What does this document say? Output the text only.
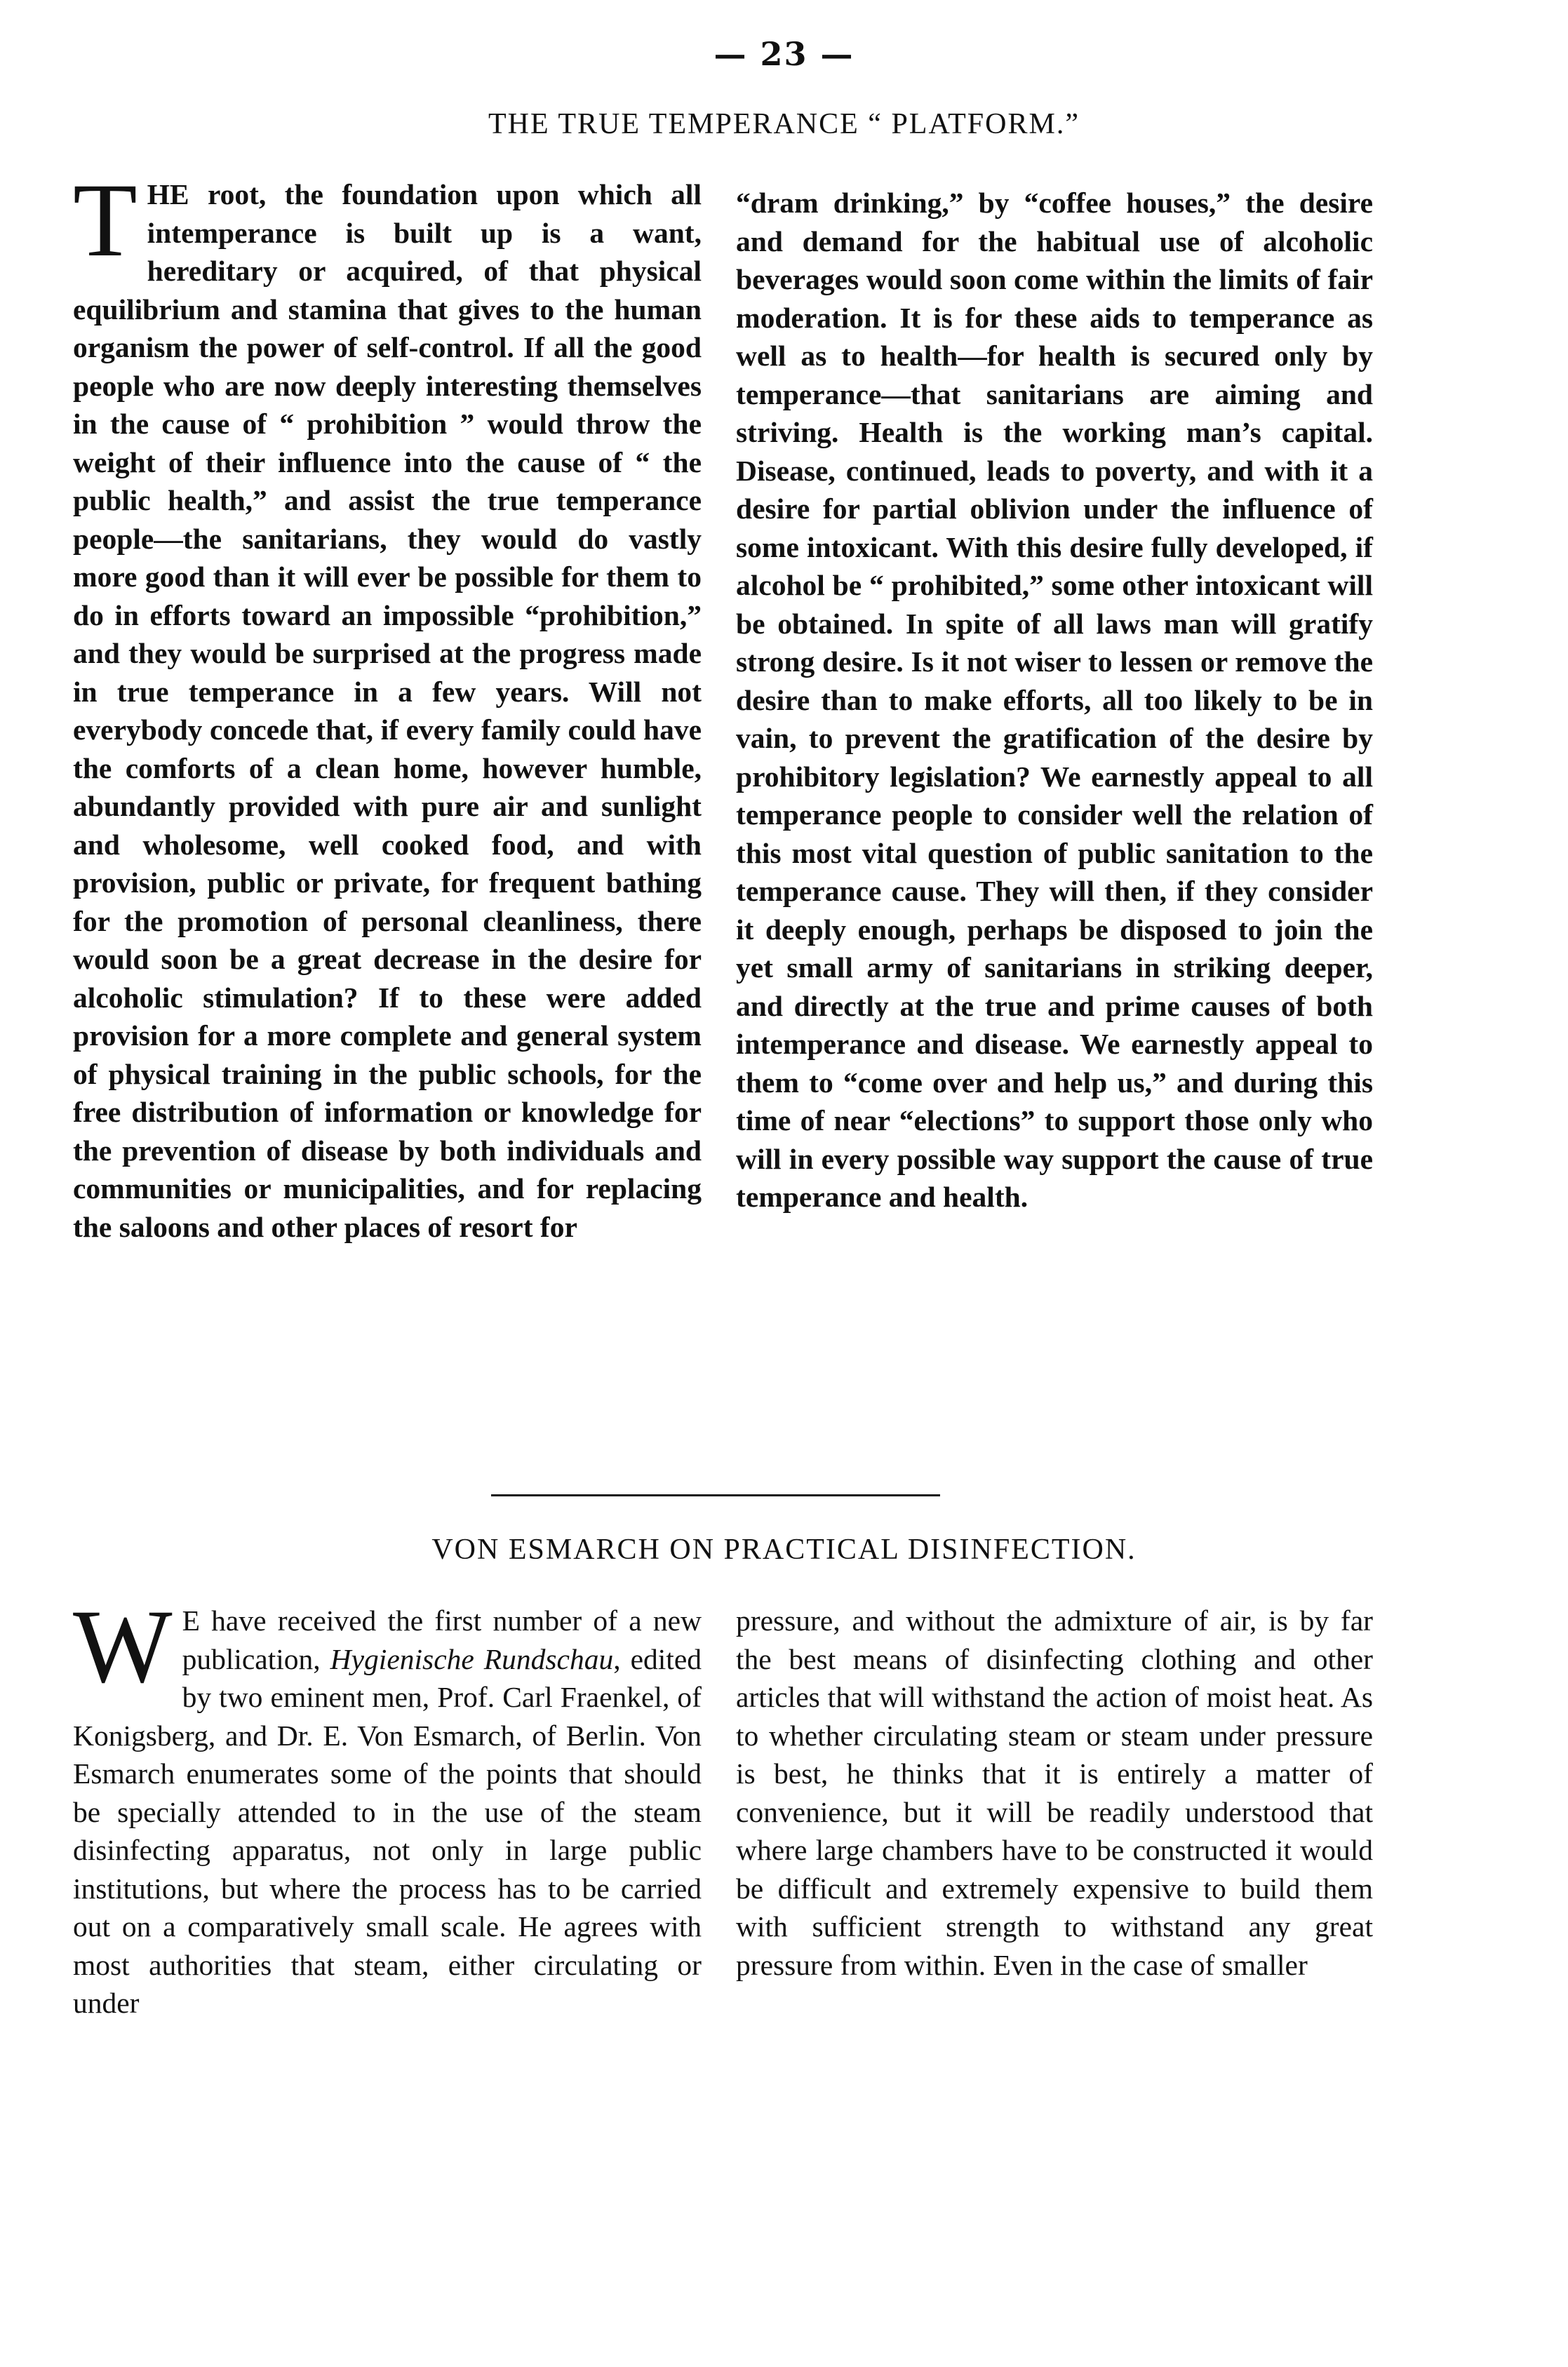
— 23 —
THE TRUE TEMPERANCE “ PLATFORM.”
T HE root, the foundation upon which all intemperance is built up is a want, hereditary or acquired, of that physical equilibrium and stamina that gives to the human organism the power of self-control. If all the good people who are now deeply interesting themselves in the cause of “ prohibition ” would throw the weight of their influence into the cause of “ the public health,” and assist the true temperance people—the sanitarians, they would do vastly more good than it will ever be possible for them to do in efforts toward an impossible “prohibition,” and they would be surprised at the progress made in true temperance in a few years. Will not everybody concede that, if every family could have the comforts of a clean home, however humble, abundantly provided with pure air and sunlight and wholesome, well cooked food, and with provision, public or private, for frequent bathing for the promotion of personal cleanliness, there would soon be a great decrease in the desire for alcoholic stimulation? If to these were added provision for a more complete and general system of physical training in the public schools, for the free distribution of information or knowledge for the prevention of disease by both individuals and communities or municipalities, and for replacing the saloons and other places of resort for

“dram drinking,” by “coffee houses,” the desire and demand for the habitual use of alcoholic beverages would soon come within the limits of fair moderation. It is for these aids to temperance as well as to health—for health is secured only by temperance—that sanitarians are aiming and striving. Health is the working man’s capital. Disease, continued, leads to poverty, and with it a desire for partial oblivion under the influence of some intoxicant. With this desire fully developed, if alcohol be “ prohibited,” some other intoxicant will be obtained. In spite of all laws man will gratify strong desire. Is it not wiser to lessen or remove the desire than to make efforts, all too likely to be in vain, to prevent the gratification of the desire by prohibitory legislation? We earnestly appeal to all temperance people to consider well the relation of this most vital question of public sanitation to the temperance cause. They will then, if they consider it deeply enough, perhaps be disposed to join the yet small army of sanitarians in striking deeper, and directly at the true and prime causes of both intemperance and disease. We earnestly appeal to them to “come over and help us,” and during this time of near “elections” to support those only who will in every possible way support the cause of true temperance and health.

VON ESMARCH ON PRACTICAL DISINFECTION.
W E have received the first number of a new publication, Hygienische Rundschau, edited by two eminent men, Prof. Carl Fraenkel, of Konigsberg, and Dr. E. Von Esmarch, of Berlin. Von Esmarch enumerates some of the points that should be specially attended to in the use of the steam disinfecting apparatus, not only in large public institutions, but where the process has to be carried out on a comparatively small scale. He agrees with most authorities that steam, either circulating or under

pressure, and without the admixture of air, is by far the best means of disinfecting clothing and other articles that will withstand the action of moist heat. As to whether circulating steam or steam under pressure is best, he thinks that it is entirely a matter of convenience, but it will be readily understood that where large chambers have to be constructed it would be difficult and extremely expensive to build them with sufficient strength to withstand any great pressure from within. Even in the case of smaller
